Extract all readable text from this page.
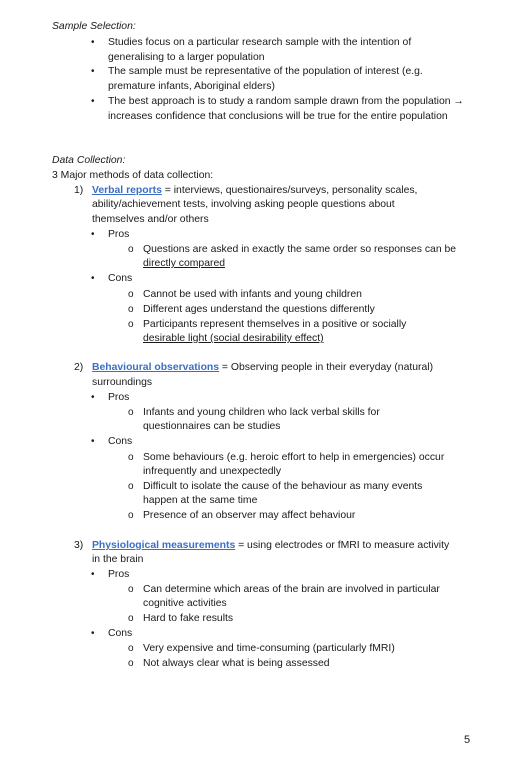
Sample Selection:
• Studies focus on a particular research sample with the intention of generalising to a larger population
• The sample must be representative of the population of interest (e.g. premature infants, Aboriginal elders)
• The best approach is to study a random sample drawn from the population → increases confidence that conclusions will be true for the entire population
Data Collection:
3 Major methods of data collection:
1) Verbal reports = interviews, questionaires/surveys, personality scales,
ability/achievement tests, involving asking people questions about
themselves and/or others
• Pros
o Questions are asked in exactly the same order so responses can be
directly compared
• Cons
o Cannot be used with infants and young children
o Different ages understand the questions differently
o Participants represent themselves in a positive or socially
desirable light (social desirability effect)
2) Behavioural observations = Observing people in their everyday (natural)
surroundings
• Pros
o Infants and young children who lack verbal skills for
questionnaires can be studies
• Cons
o Some behaviours (e.g. heroic effort to help in emergencies) occur
infrequently and unexpectedly
o Difficult to isolate the cause of the behaviour as many events
happen at the same time
o Presence of an observer may affect behaviour
3) Physiological measurements = using electrodes or fMRI to measure activity
in the brain
• Pros
o Can determine which areas of the brain are involved in particular
cognitive activities
o Hard to fake results
• Cons
o Very expensive and time-consuming (particularly fMRI)
o Not always clear what is being assessed
5
